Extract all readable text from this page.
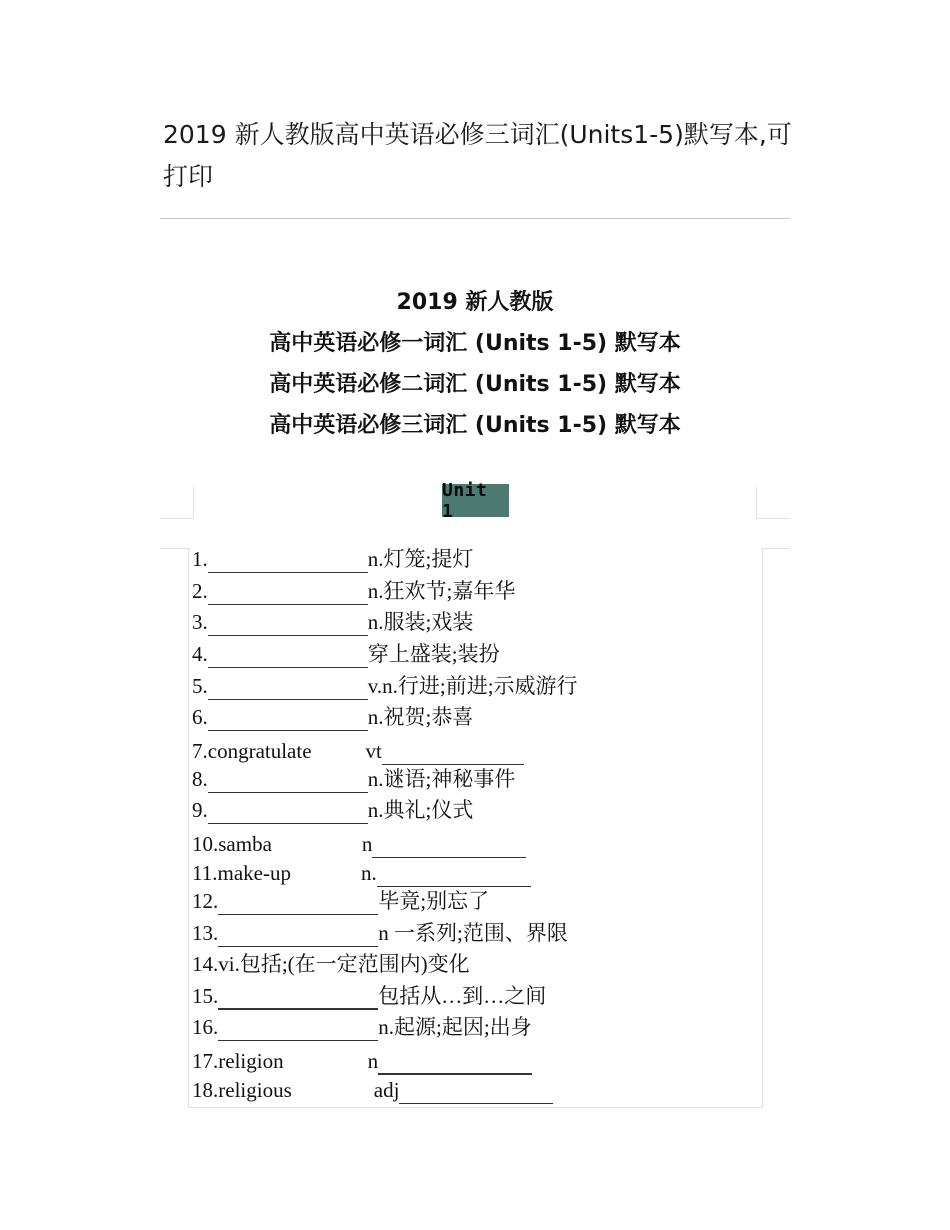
2019 新人教版高中英语必修三词汇(Units1-5)默写本,可打印
2019 新人教版
高中英语必修一词汇 (Units 1-5) 默写本
高中英语必修二词汇 (Units 1-5) 默写本
高中英语必修三词汇 (Units 1-5) 默写本
Unit 1
1.	n.灯笼;提灯
2.	n.狂欢节;嘉年华
3.	n.服装;戏装
4.	穿上盛装;装扮
5.	v.n.行进;前进;示威游行
6.	n.祝贺;恭喜
7.congratulate	vt
8.	n.谜语;神秘事件
9.	n.典礼;仪式
10.samba	n
11.make-up	n.
12.	毕竟;别忘了
13.	n 一系列;范围、界限
14.vi.包括;(在一定范围内)变化
15.	包括从…到…之间
16.	n.起源;起因;出身
17.religion	n
18.religious	adj
